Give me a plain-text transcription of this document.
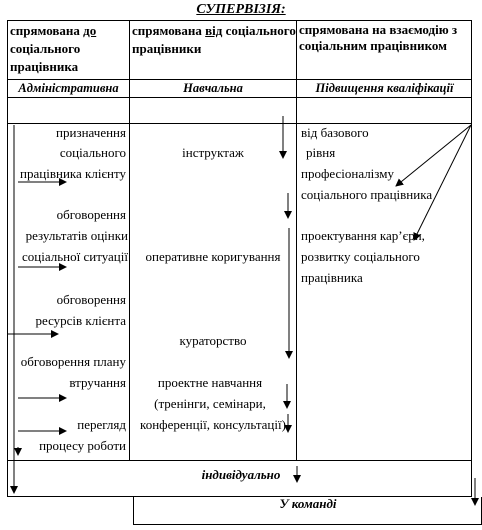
СУПЕРВІЗІЯ:
спрямована до соціального працівника
спрямована від соціального працівники
спрямована на взаємодію з соціальним працівником
Адміністративна	Навчальна	Підвищення кваліфікації
призначення
соціального
працівника клієнту
обговорення
результатів оцінки
соціальної ситуації
обговорення
ресурсів клієнта
обговорення плану
втручання
перегляд
процесу роботи
інструктаж
оперативне коригування
кураторство
проектне навчання
(тренінги, семінари,
конференції, консультації)
від базового
рівня
професіоналізму
соціального працівника
проектування кар’єри,
розвитку соціального
працівника
індивідуально
У команді
